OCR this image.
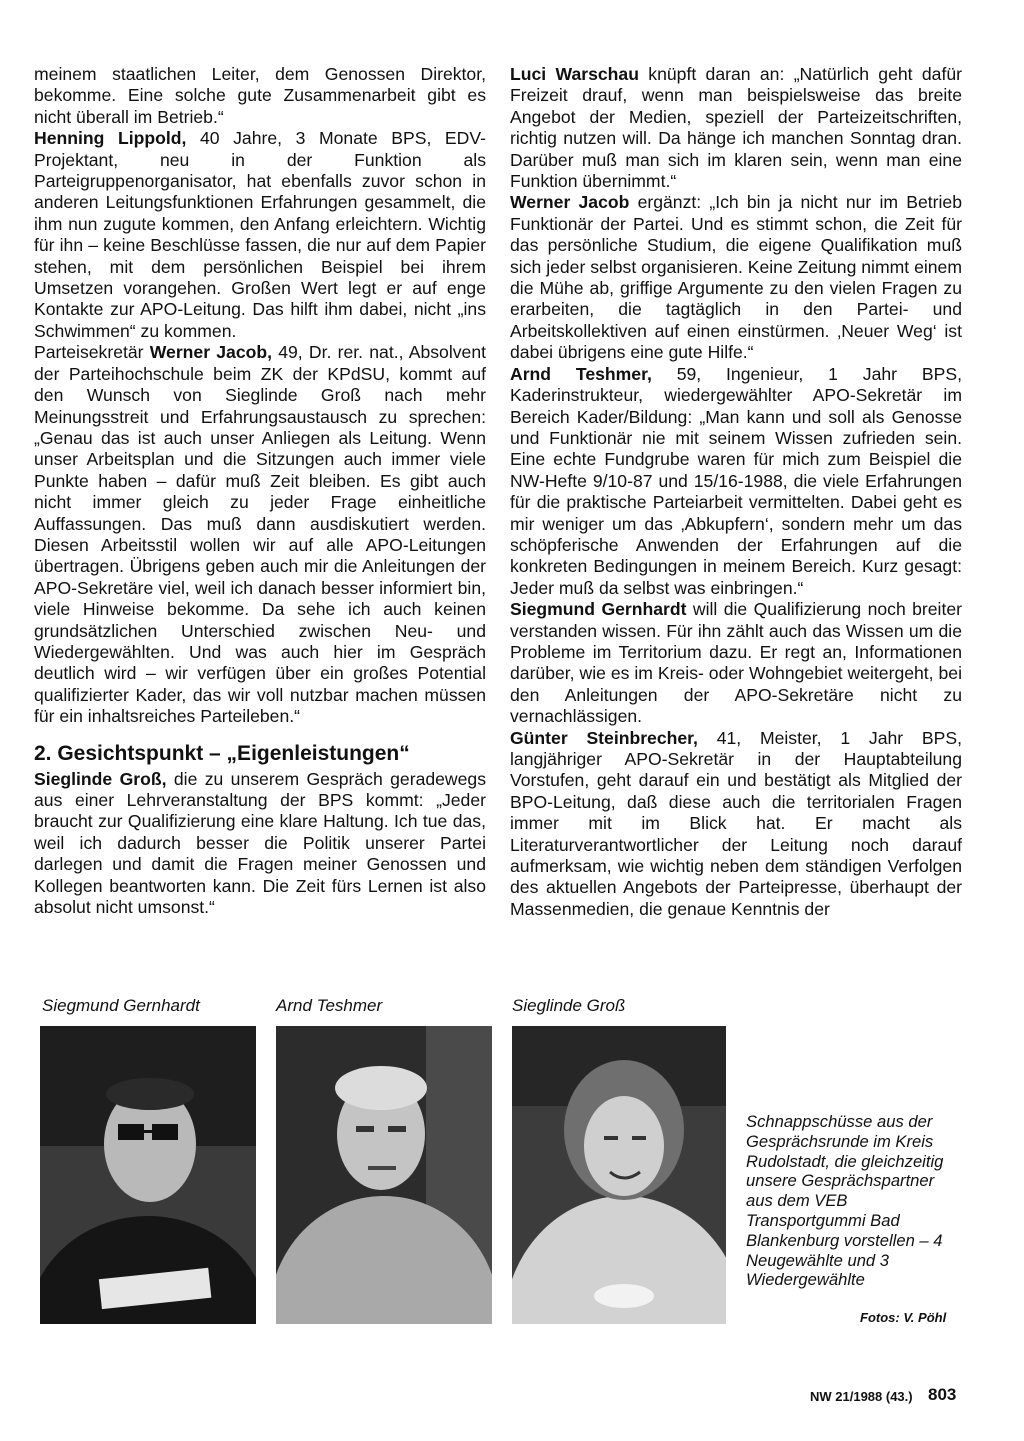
meinem staatlichen Leiter, dem Genossen Direktor, bekomme. Eine solche gute Zusammenarbeit gibt es nicht überall im Betrieb.“

Henning Lippold, 40 Jahre, 3 Monate BPS, EDV-Projektant, neu in der Funktion als Parteigruppenorganisator, hat ebenfalls zuvor schon in anderen Leitungsfunktionen Erfahrungen gesammelt, die ihm nun zugute kommen, den Anfang erleichtern. Wichtig für ihn – keine Beschlüsse fassen, die nur auf dem Papier stehen, mit dem persönlichen Beispiel bei ihrem Umsetzen vorangehen. Großen Wert legt er auf enge Kontakte zur APO-Leitung. Das hilft ihm dabei, nicht „ins Schwimmen“ zu kommen.

Parteisekretär Werner Jacob, 49, Dr. rer. nat., Absolvent der Parteihochschule beim ZK der KPdSU, kommt auf den Wunsch von Sieglinde Groß nach mehr Meinungsstreit und Erfahrungsaustausch zu sprechen: „Genau das ist auch unser Anliegen als Leitung. Wenn unser Arbeitsplan und die Sitzungen auch immer viele Punkte haben – dafür muß Zeit bleiben. Es gibt auch nicht immer gleich zu jeder Frage einheitliche Auffassungen. Das muß dann ausdiskutiert werden. Diesen Arbeitsstil wollen wir auf alle APO-Leitungen übertragen. Übrigens geben auch mir die Anleitungen der APO-Sekretäre viel, weil ich danach besser informiert bin, viele Hinweise bekomme. Da sehe ich auch keinen grundsätzlichen Unterschied zwischen Neu- und Wiedergewählten. Und was auch hier im Gespräch deutlich wird – wir verfügen über ein großes Potential qualifizierter Kader, das wir voll nutzbar machen müssen für ein inhaltsreiches Parteileben.“

2. Gesichtspunkt – „Eigenleistungen“

Sieglinde Groß, die zu unserem Gespräch geradewegs aus einer Lehrveranstaltung der BPS kommt: „Jeder braucht zur Qualifizierung eine klare Haltung. Ich tue das, weil ich dadurch besser die Politik unserer Partei darlegen und damit die Fragen meiner Genossen und Kollegen beantworten kann. Die Zeit fürs Lernen ist also absolut nicht umsonst.“

Luci Warschau knüpft daran an: „Natürlich geht dafür Freizeit drauf, wenn man beispielsweise das breite Angebot der Medien, speziell der Parteizeitschriften, richtig nutzen will. Da hänge ich manchen Sonntag dran. Darüber muß man sich im klaren sein, wenn man eine Funktion übernimmt.“

Werner Jacob ergänzt: „Ich bin ja nicht nur im Betrieb Funktionär der Partei. Und es stimmt schon, die Zeit für das persönliche Studium, die eigene Qualifikation muß sich jeder selbst organisieren. Keine Zeitung nimmt einem die Mühe ab, griffige Argumente zu den vielen Fragen zu erarbeiten, die tagtäglich in den Partei- und Arbeitskollektiven auf einen einstürmen. ‚Neuer Weg‘ ist dabei übrigens eine gute Hilfe.“

Arnd Teshmer, 59, Ingenieur, 1 Jahr BPS, Kaderinstrukteur, wiedergewählter APO-Sekretär im Bereich Kader/Bildung: „Man kann und soll als Genosse und Funktionär nie mit seinem Wissen zufrieden sein. Eine echte Fundgrube waren für mich zum Beispiel die NW-Hefte 9/10-87 und 15/16-1988, die viele Erfahrungen für die praktische Parteiarbeit vermittelten. Dabei geht es mir weniger um das ‚Abkupfern‘, sondern mehr um das schöpferische Anwenden der Erfahrungen auf die konkreten Bedingungen in meinem Bereich. Kurz gesagt: Jeder muß da selbst was einbringen.“

Siegmund Gernhardt will die Qualifizierung noch breiter verstanden wissen. Für ihn zählt auch das Wissen um die Probleme im Territorium dazu. Er regt an, Informationen darüber, wie es im Kreis- oder Wohngebiet weitergeht, bei den Anleitungen der APO-Sekretäre nicht zu vernachlässigen.

Günter Steinbrecher, 41, Meister, 1 Jahr BPS, langjähriger APO-Sekretär in der Hauptabteilung Vorstufen, geht darauf ein und bestätigt als Mitglied der BPO-Leitung, daß diese auch die territorialen Fragen immer mit im Blick hat. Er macht als Literaturverantwortlicher der Leitung noch darauf aufmerksam, wie wichtig neben dem ständigen Verfolgen des aktuellen Angebots der Parteipresse, überhaupt der Massenmedien, die genaue Kenntnis der

Siegmund Gernhardt	Arnd Teshmer	Sieglinde Groß
Schnappschüsse aus der Gesprächsrunde im Kreis Rudolstadt, die gleichzeitig unsere Gesprächspartner aus dem VEB Transportgummi Bad Blankenburg vorstellen – 4 Neugewählte und 3 Wiedergewählte
Fotos: V. Pöhl
NW 21/1988 (43.) 803
